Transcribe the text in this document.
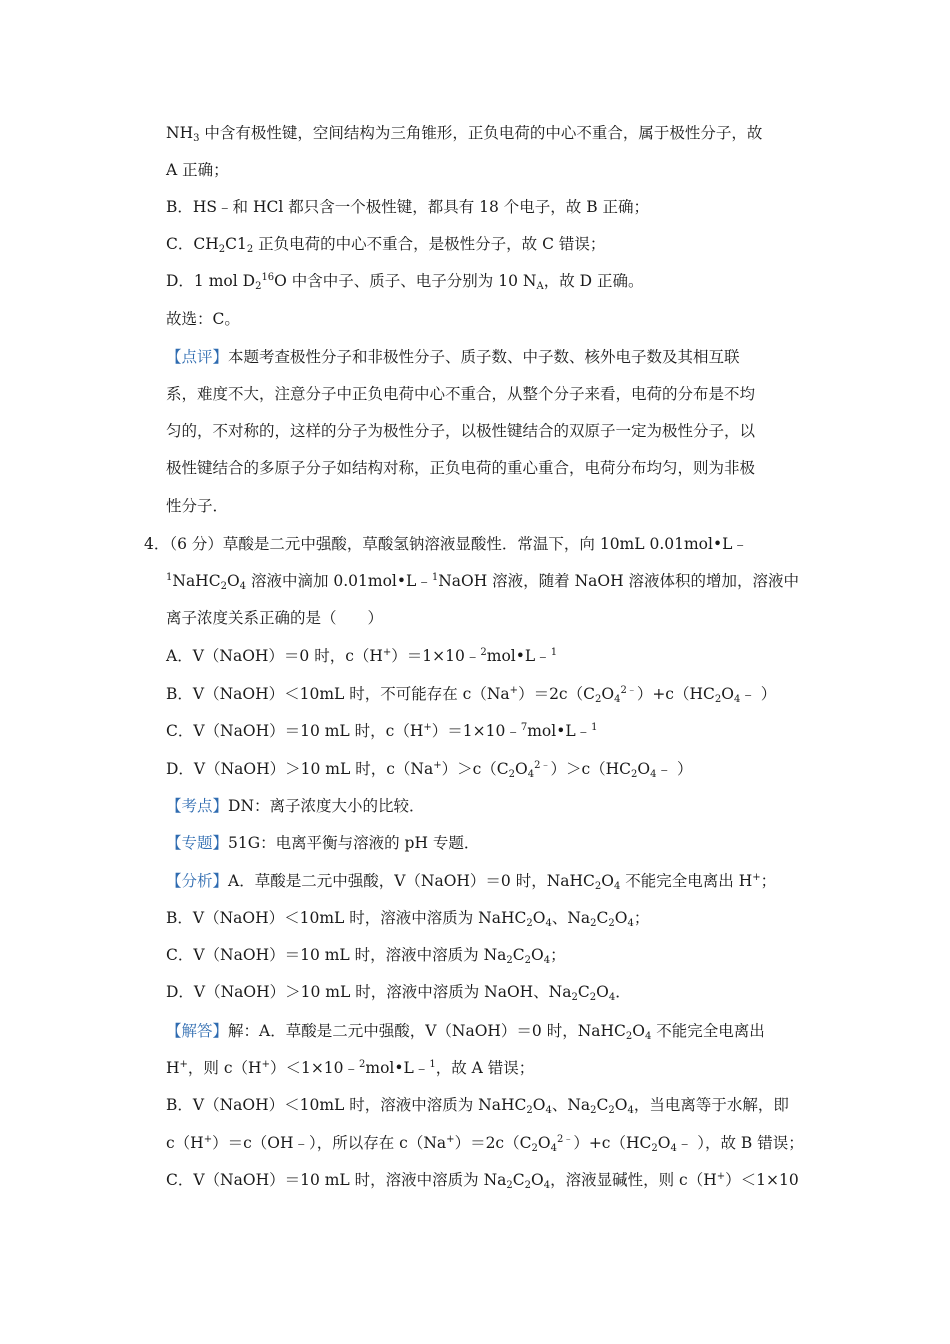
$NH_3$ 中含有极性键，空间结构为三角锥形，正负电荷的中心不重合，属于极性分子，故
A 正确；
B．HS﹣和 HCl 都只含一个极性键，都具有 18 个电子，故 B 正确；
C．$CH_2C1_2$ 正负电荷的中心不重合，是极性分子，故 C 错误；
D．1 mol $D_2^{16}O$ 中含中子、质子、电子分别为 10 $N_A$，故 D 正确。
故选：C。
【点评】本题考查极性分子和非极性分子、质子数、中子数、核外电子数及其相互联
系，难度不大，注意分子中正负电荷中心不重合，从整个分子来看，电荷的分布是不均
匀的，不对称的，这样的分子为极性分子，以极性键结合的双原子一定为极性分子，以
极性键结合的多原子分子如结构对称，正负电荷的重心重合，电荷分布均匀，则为非极
性分子．
4．（6 分）草酸是二元中强酸，草酸氢钠溶液显酸性．常温下，向 10mL 0.01mol•L﹣
$^1NaHC_2O_4$ 溶液中滴加 0.01mol•L﹣$^1$NaOH 溶液，随着 NaOH 溶液体积的增加，溶液中
离子浓度关系正确的是（　　）
A．V（NaOH）＝0 时，c（H+）＝1×10﹣$^2$mol•L﹣$^1$
B．V（NaOH）＜10mL 时，不可能存在 $c(Na^+)=2c(C_2O_4^{2﹣})+c(HC_2O_4﹣$ ）
C．V（NaOH）＝10 mL 时，c（H+）＝1×10﹣$^7$mol•L﹣$^1$
D．V（NaOH）＞10 mL 时，$c(Na^+)>c(C_2O_4^{2﹣})>c(HC_2O_4﹣$ ）
【考点】DN：离子浓度大小的比较．
【专题】51G：电离平衡与溶液的 pH 专题．
【分析】A．草酸是二元中强酸，V（NaOH）＝0 时，$NaHC_2O_4$ 不能完全电离出 H+；
B．V（NaOH）＜10mL 时，溶液中溶质为 $NaHC_2O_4$、$Na_2C_2O_4$；
C．V（NaOH）＝10 mL 时，溶液中溶质为 $Na_2C_2O_4$；
D．V（NaOH）＞10 mL 时，溶液中溶质为 NaOH、$Na_2C_2O_4$．
【解答】解：A．草酸是二元中强酸，V（NaOH）＝0 时，$NaHC_2O_4$ 不能完全电离出
H+，则 c（H+）＜1×10﹣$^2$mol•L﹣$^1$，故 A 错误；
B．V（NaOH）＜10mL 时，溶液中溶质为 $NaHC_2O_4$、$Na_2C_2O_4$，当电离等于水解，即
c（H+）＝c（OH﹣），所以存在 $c(Na^+)=2c(C_2O_4^{2﹣})+c(HC_2O_4﹣$ ），故 B 错误；
C．V（NaOH）＝10 mL 时，溶液中溶质为 $Na_2C_2O_4$，溶液显碱性，则 c（H+）＜1×10
